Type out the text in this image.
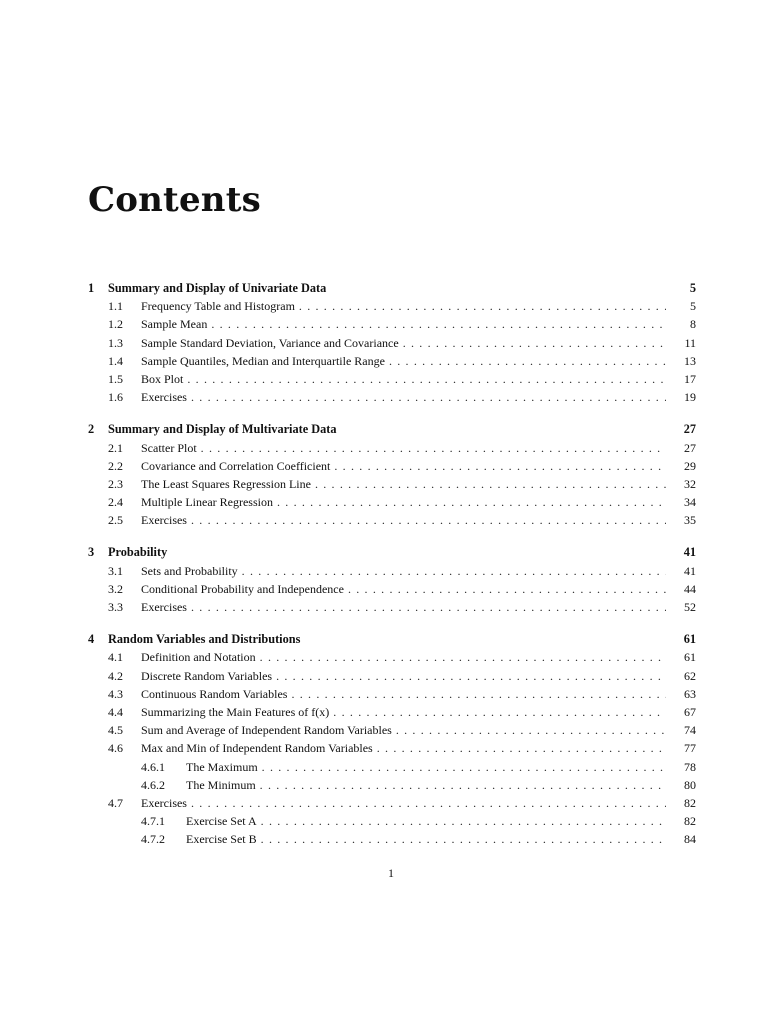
Contents
1	Summary and Display of Univariate Data	5
1.1	Frequency Table and Histogram . . .	5
1.2	Sample Mean . . .	8
1.3	Sample Standard Deviation, Variance and Covariance . . .	11
1.4	Sample Quantiles, Median and Interquartile Range . . .	13
1.5	Box Plot . . .	17
1.6	Exercises . . .	19
2	Summary and Display of Multivariate Data	27
2.1	Scatter Plot . . .	27
2.2	Covariance and Correlation Coefficient . . .	29
2.3	The Least Squares Regression Line . . .	32
2.4	Multiple Linear Regression . . .	34
2.5	Exercises . . .	35
3	Probability	41
3.1	Sets and Probability . . .	41
3.2	Conditional Probability and Independence . . .	44
3.3	Exercises . . .	52
4	Random Variables and Distributions	61
4.1	Definition and Notation . . .	61
4.2	Discrete Random Variables . . .	62
4.3	Continuous Random Variables . . .	63
4.4	Summarizing the Main Features of f(x) . . .	67
4.5	Sum and Average of Independent Random Variables . . .	74
4.6	Max and Min of Independent Random Variables . . .	77
4.6.1	The Maximum . . .	78
4.6.2	The Minimum . . .	80
4.7	Exercises . . .	82
4.7.1	Exercise Set A . . .	82
4.7.2	Exercise Set B . . .	84
1
